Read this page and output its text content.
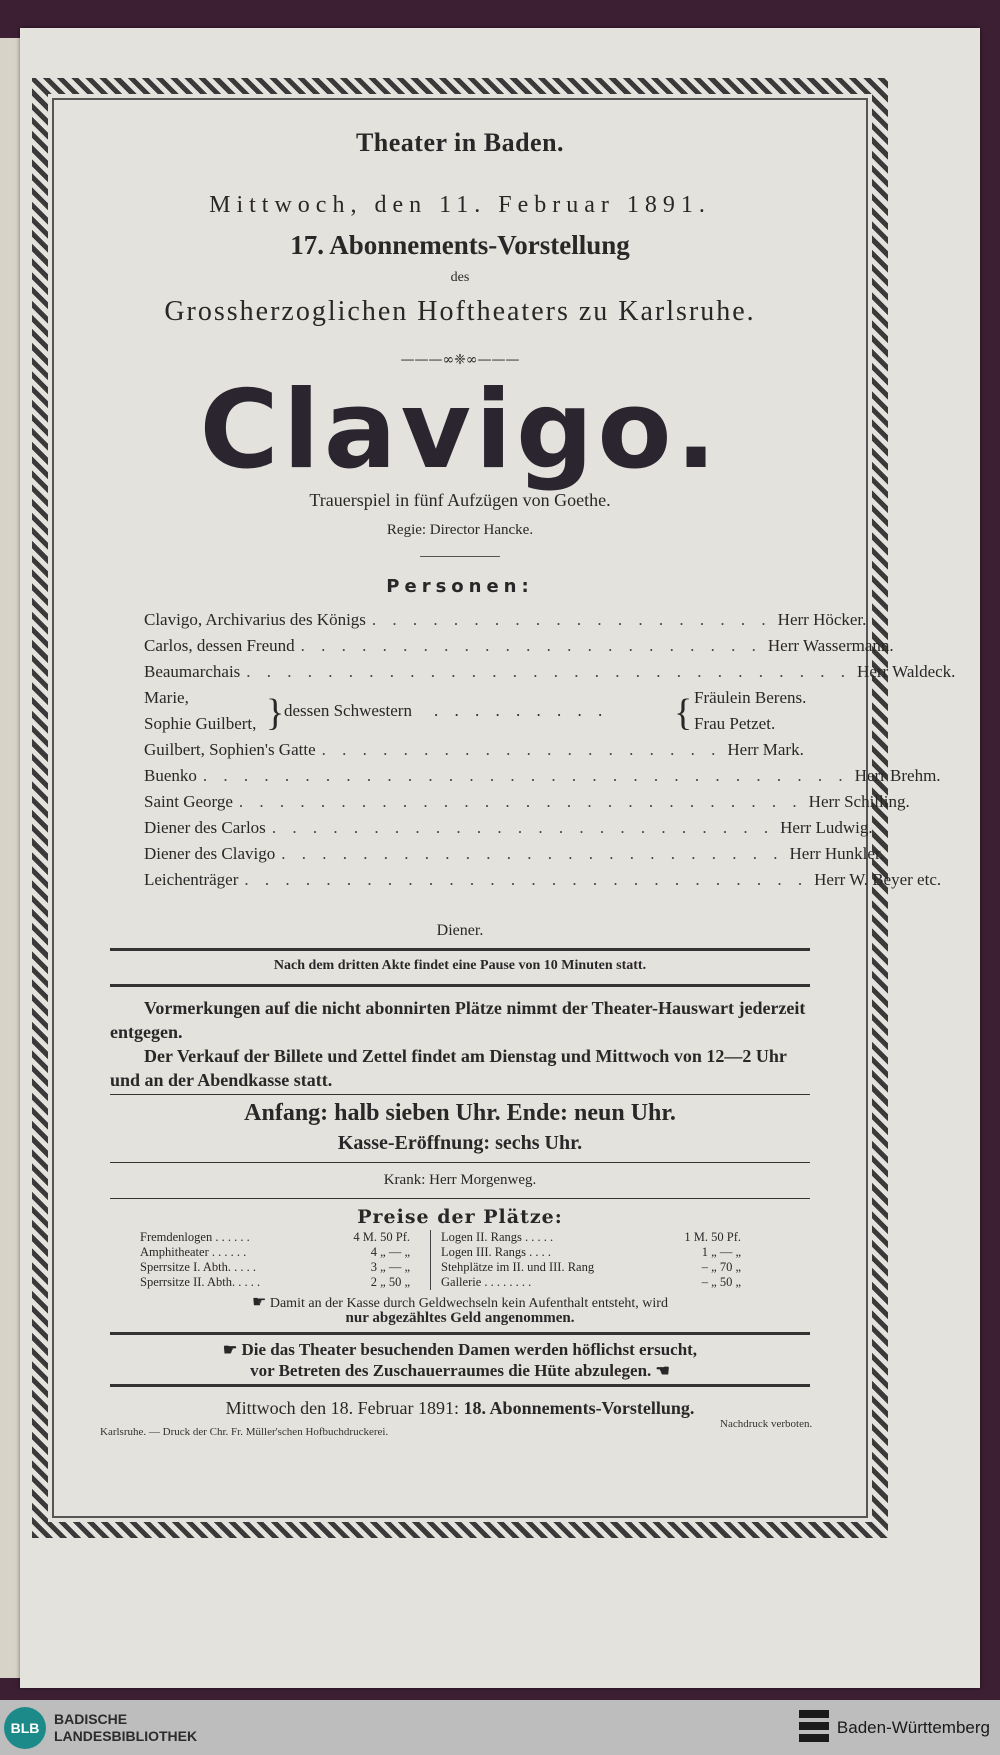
Theater in Baden.
Mittwoch, den 11. Februar 1891.
17. Abonnements-Vorstellung
des
Grossherzoglichen Hoftheaters zu Karlsruhe.
———∞❈∞———
Clavigo.
Trauerspiel in fünf Aufzügen von Goethe.
Regie: Director Hancke.
Personen:
Clavigo, Archivarius des Königs . . . . . . . . . . . . . . . . . . . . Herr Höcker.
Carlos, dessen Freund . . . . . . . . . . . . . . . . . . . . . . . Herr Wassermann.
Beaumarchais . . . . . . . . . . . . . . . . . . . . . . . . . . . . . . Herr Waldeck.
Marie,
Sophie Guilbert, } dessen Schwestern . . . . . . . . . { Fräulein Berens.
Frau Petzet.
Guilbert, Sophien's Gatte . . . . . . . . . . . . . . . . . . . . Herr Mark.
Buenko . . . . . . . . . . . . . . . . . . . . . . . . . . . . . . . . Herr Brehm.
Saint George . . . . . . . . . . . . . . . . . . . . . . . . . . . . Herr Schilling.
Diener des Carlos . . . . . . . . . . . . . . . . . . . . . . . . . Herr Ludwig.
Diener des Clavigo . . . . . . . . . . . . . . . . . . . . . . . . . Herr Hunkler.
Leichenträger . . . . . . . . . . . . . . . . . . . . . . . . . . . . Herr W. Beyer etc.
Diener.
Nach dem dritten Akte findet eine Pause von 10 Minuten statt.
Vormerkungen auf die nicht abonnirten Plätze nimmt der Theater-Hauswart jederzeit entgegen.
Der Verkauf der Billete und Zettel findet am Dienstag und Mittwoch von 12—2 Uhr und an der Abendkasse statt.
Anfang: halb sieben Uhr. Ende: neun Uhr.
Kasse-Eröffnung: sechs Uhr.
Krank: Herr Morgenweg.
Preise der Plätze:
Fremdenlogen . . . . . .	4 M. 50 Pf.
Amphitheater . . . . . .	4 „ — „
Sperrsitze I. Abth. . . . .	3 „ — „
Sperrsitze II. Abth. . . . .	2 „ 50 „
Logen II. Rangs . . . . .	1 M. 50 Pf.
Logen III. Rangs . . . .	1 „ — „
Stehplätze im II. und III. Rang	– „ 70 „
Gallerie . . . . . . . .	– „ 50 „
☛ Damit an der Kasse durch Geldwechseln kein Aufenthalt entsteht, wird
nur abgezähltes Geld angenommen.
☛ Die das Theater besuchenden Damen werden höflichst ersucht,
vor Betreten des Zuschauerraumes die Hüte abzulegen. ☚
Mittwoch den 18. Februar 1891: 18. Abonnements-Vorstellung.
Karlsruhe. — Druck der Chr. Fr. Müller'schen Hofbuchdruckerei.
Nachdruck verboten.
BLB
BADISCHE
LANDESBIBLIOTHEK	Baden-Württemberg
